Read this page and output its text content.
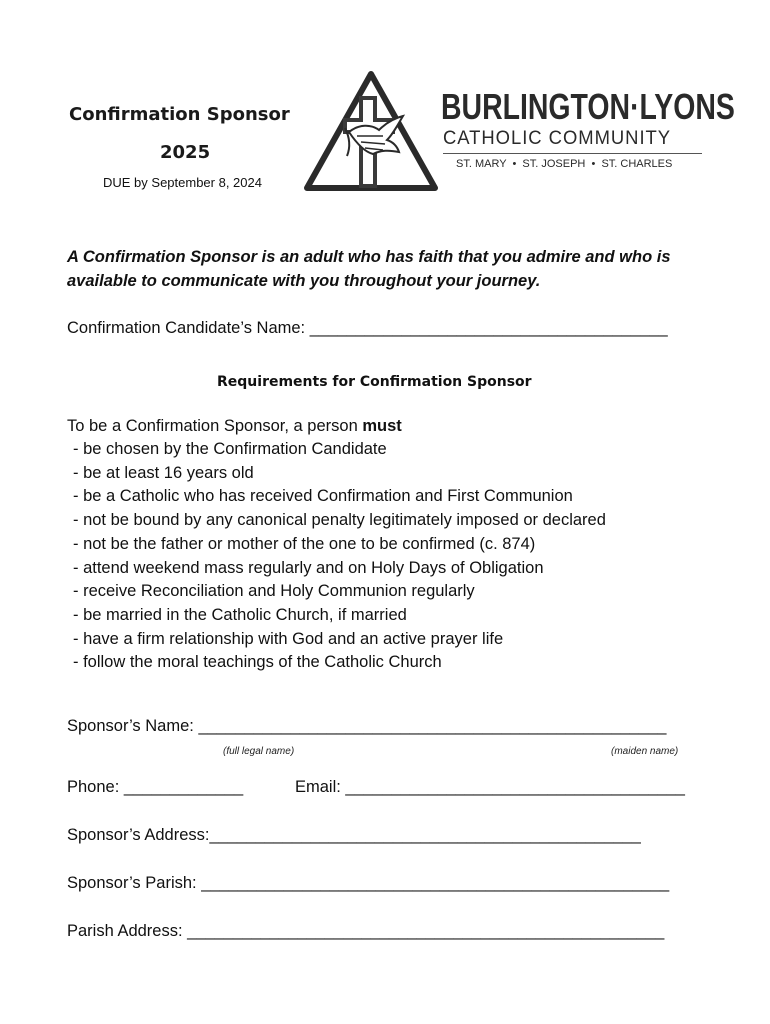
Confirmation Sponsor
2025
DUE by September 8, 2024
BURLINGTON·LYONS
CATHOLIC COMMUNITY
ST. MARY  •  ST. JOSEPH  •  ST. CHARLES
A Confirmation Sponsor is an adult who has faith that you admire and who is available to communicate with you throughout your journey.
Confirmation Candidate’s Name: _______________________________________
Requirements for Confirmation Sponsor
To be a Confirmation Sponsor, a person must
- be chosen by the Confirmation Candidate
- be at least 16 years old
- be a Catholic who has received Confirmation and First Communion
- not be bound by any canonical penalty legitimately imposed or declared
- not be the father or mother of the one to be confirmed (c. 874)
- attend weekend mass regularly and on Holy Days of Obligation
- receive Reconciliation and Holy Communion regularly
- be married in the Catholic Church, if married
- have a firm relationship with God and an active prayer life
- follow the moral teachings of the Catholic Church
Sponsor’s Name: ___________________________________________________
(full legal name)	(maiden name)
Phone: _____________	Email: _____________________________________
Sponsor’s Address:_______________________________________________
Sponsor’s Parish: ___________________________________________________
Parish Address: ____________________________________________________
